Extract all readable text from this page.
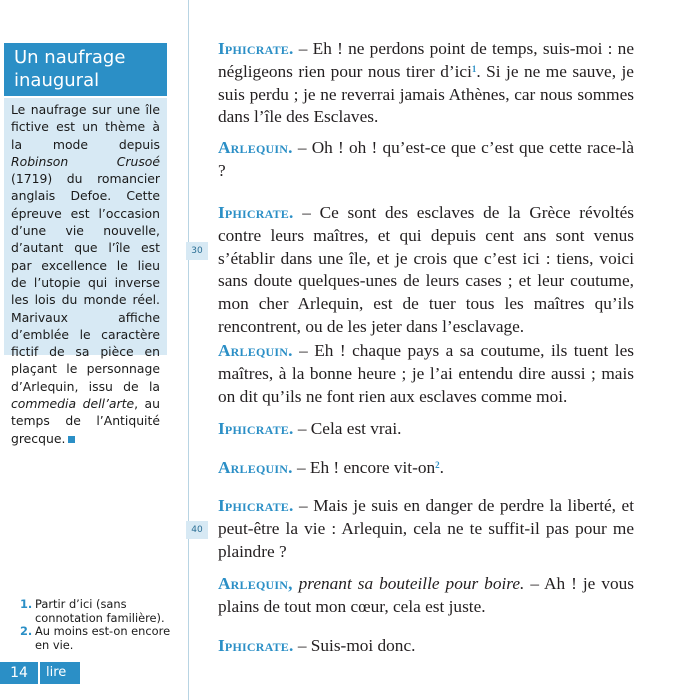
Un naufrage inaugural
Le naufrage sur une île fictive est un thème à la mode depuis Robinson Crusoé (1719) du romancier anglais Defoe. Cette épreuve est l’occasion d’une vie nouvelle, d’autant que l’île est par excellence le lieu de l’utopie qui inverse les lois du monde réel. Marivaux affiche d’emblée le caractère fictif de sa pièce en plaçant le personnage d’Arlequin, issu de la commedia dell’arte, au temps de l’Antiquité grecque.
1. Partir d’ici (sans connotation familière).
2. Au moins est-on encore en vie.
30
40
14	lire

Iphicrate. – Eh ! ne perdons point de temps, suis-moi : ne négligeons rien pour nous tirer d’ici$^1$. Si je ne me sauve, je suis perdu ; je ne reverrai jamais Athènes, car nous sommes dans l’île des Esclaves.

Arlequin. – Oh ! oh ! qu’est-ce que c’est que cette race-là ?

Iphicrate. – Ce sont des esclaves de la Grèce révoltés contre leurs maîtres, et qui depuis cent ans sont venus s’établir dans une île, et je crois que c’est ici : tiens, voici sans doute quelques-unes de leurs cases ; et leur coutume, mon cher Arlequin, est de tuer tous les maîtres qu’ils rencontrent, ou de les jeter dans l’esclavage.

Arlequin. – Eh ! chaque pays a sa coutume, ils tuent les maîtres, à la bonne heure ; je l’ai entendu dire aussi ; mais on dit qu’ils ne font rien aux esclaves comme moi.

Iphicrate. – Cela est vrai.

Arlequin. – Eh ! encore vit-$on^2$.

Iphicrate. – Mais je suis en danger de perdre la liberté, et peut-être la vie : Arlequin, cela ne te suffit-il pas pour me plaindre ?

Arlequin, prenant sa bouteille pour boire. – Ah ! je vous plains de tout mon cœur, cela est juste.

Iphicrate. – Suis-moi donc.
